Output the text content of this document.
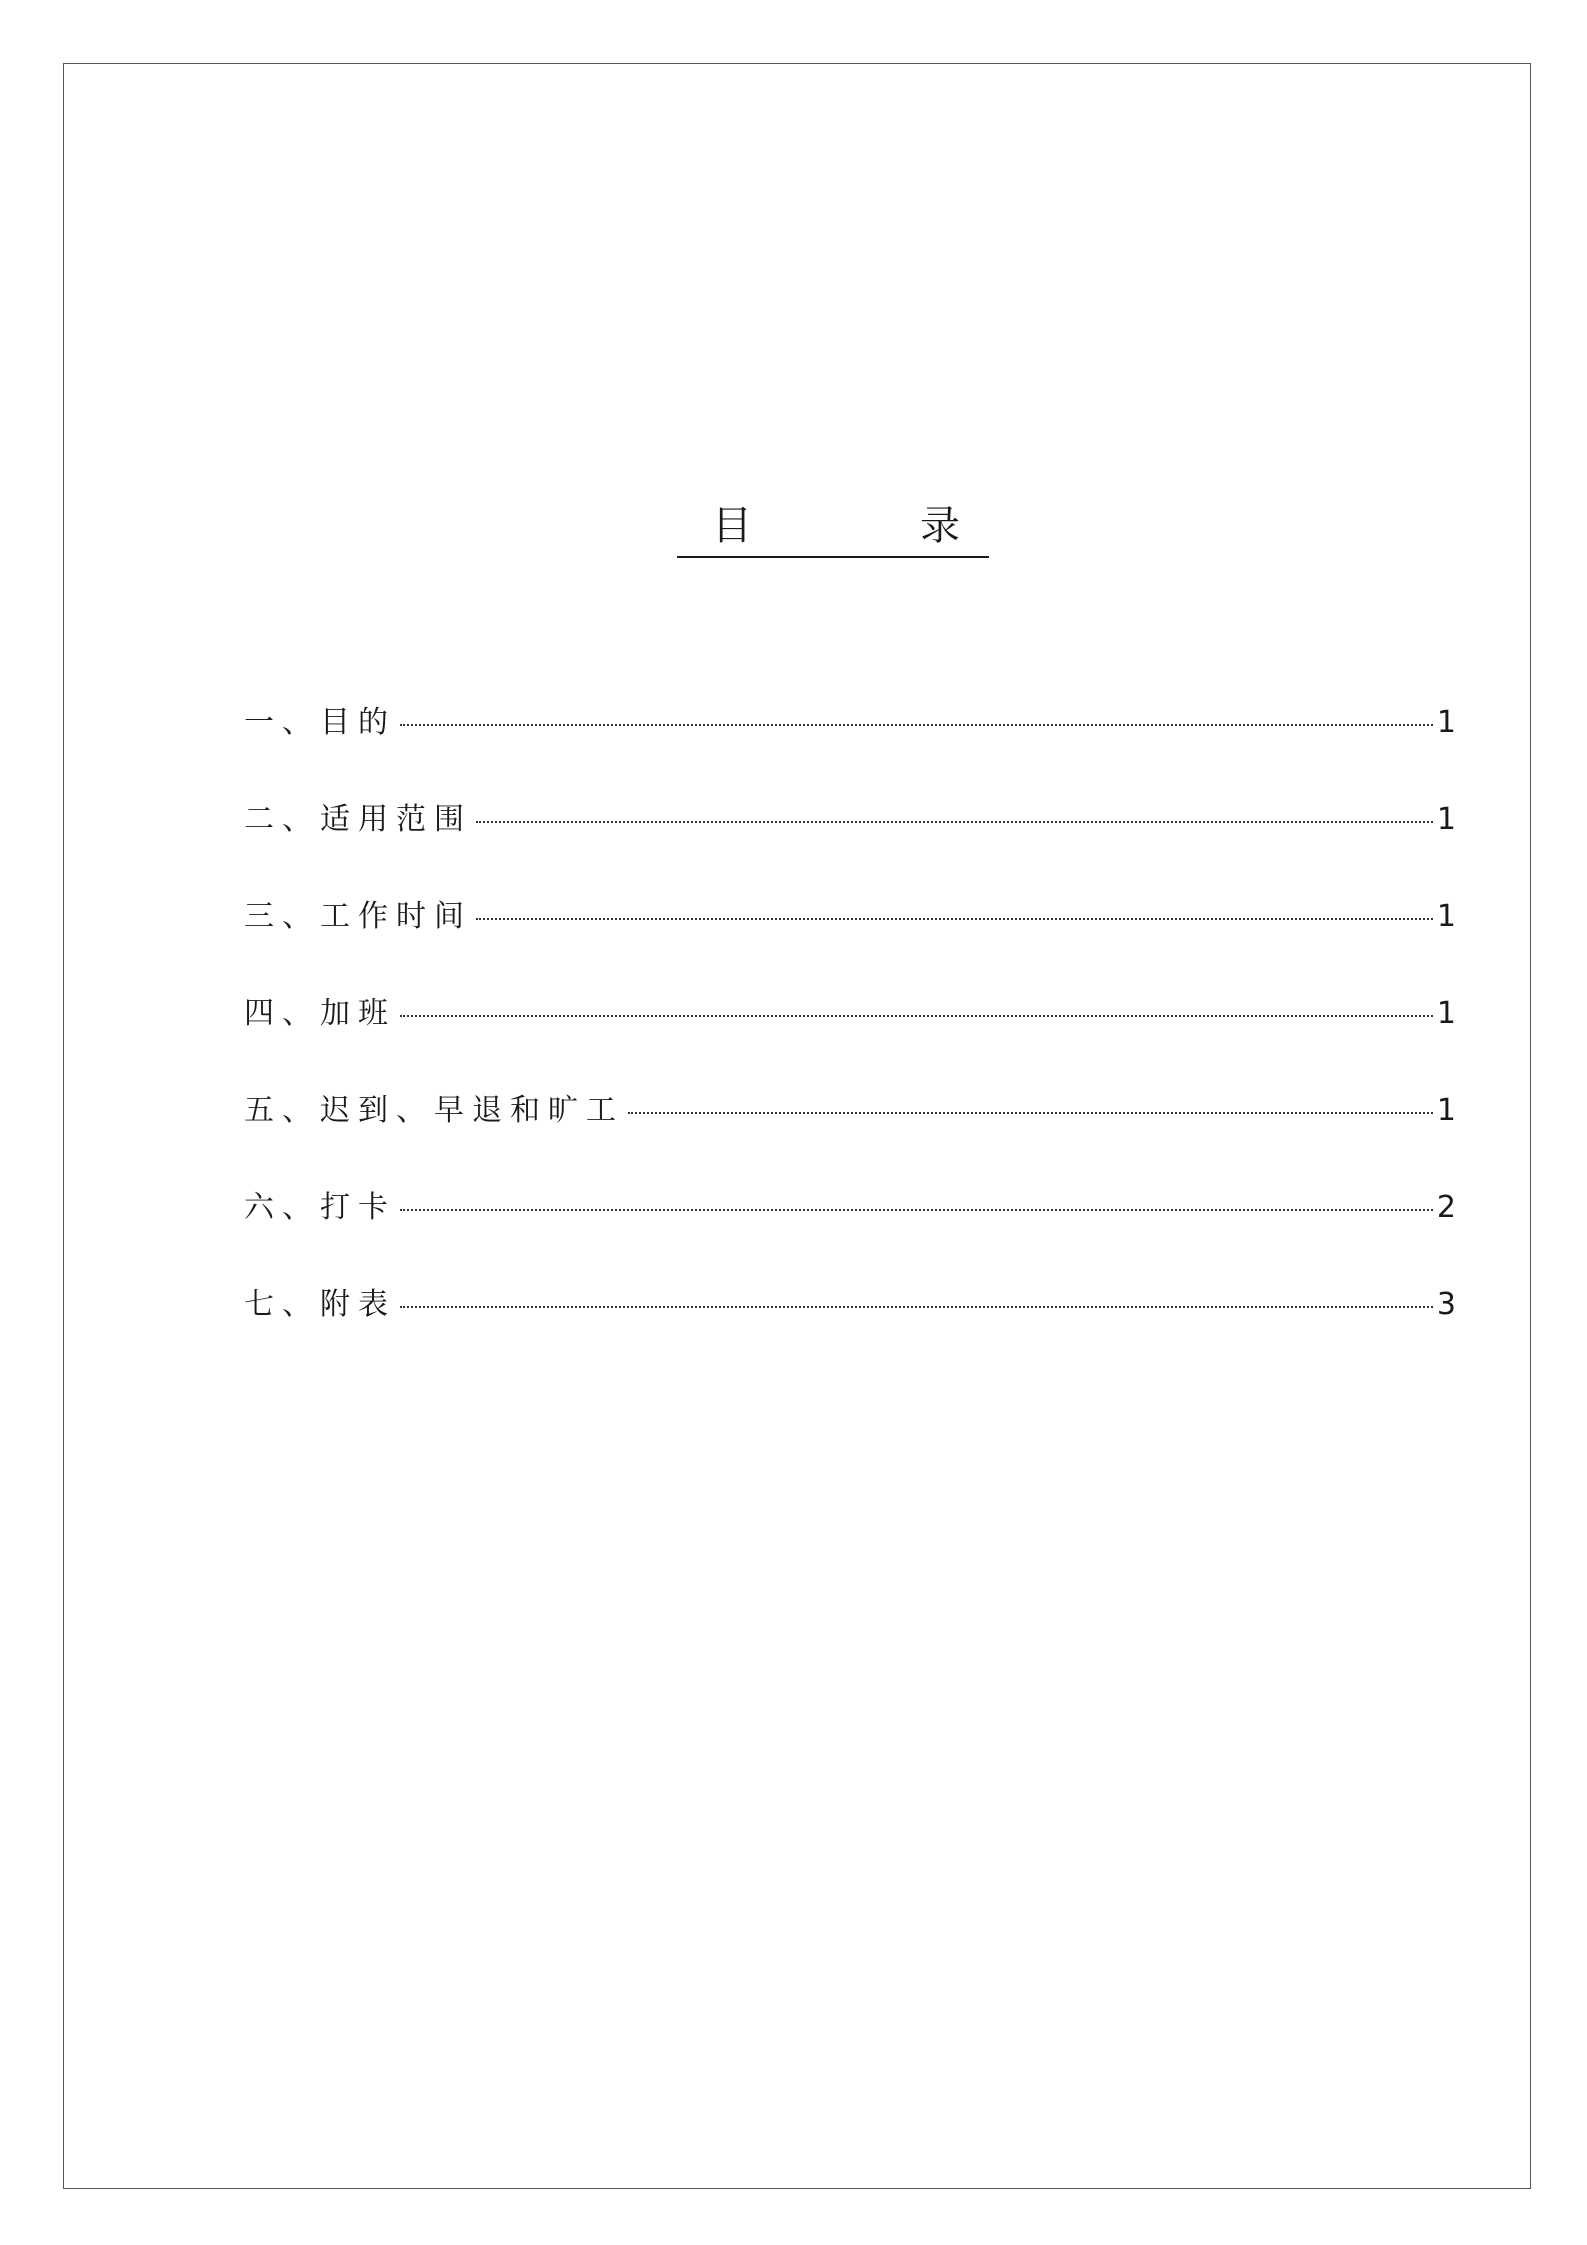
目	录
一、 目的	1
二、 适用范围	1
三、 工作时间	1
四、 加班	1
五、 迟到、早退和旷工	1
六、 打卡	2
七、 附表	3
